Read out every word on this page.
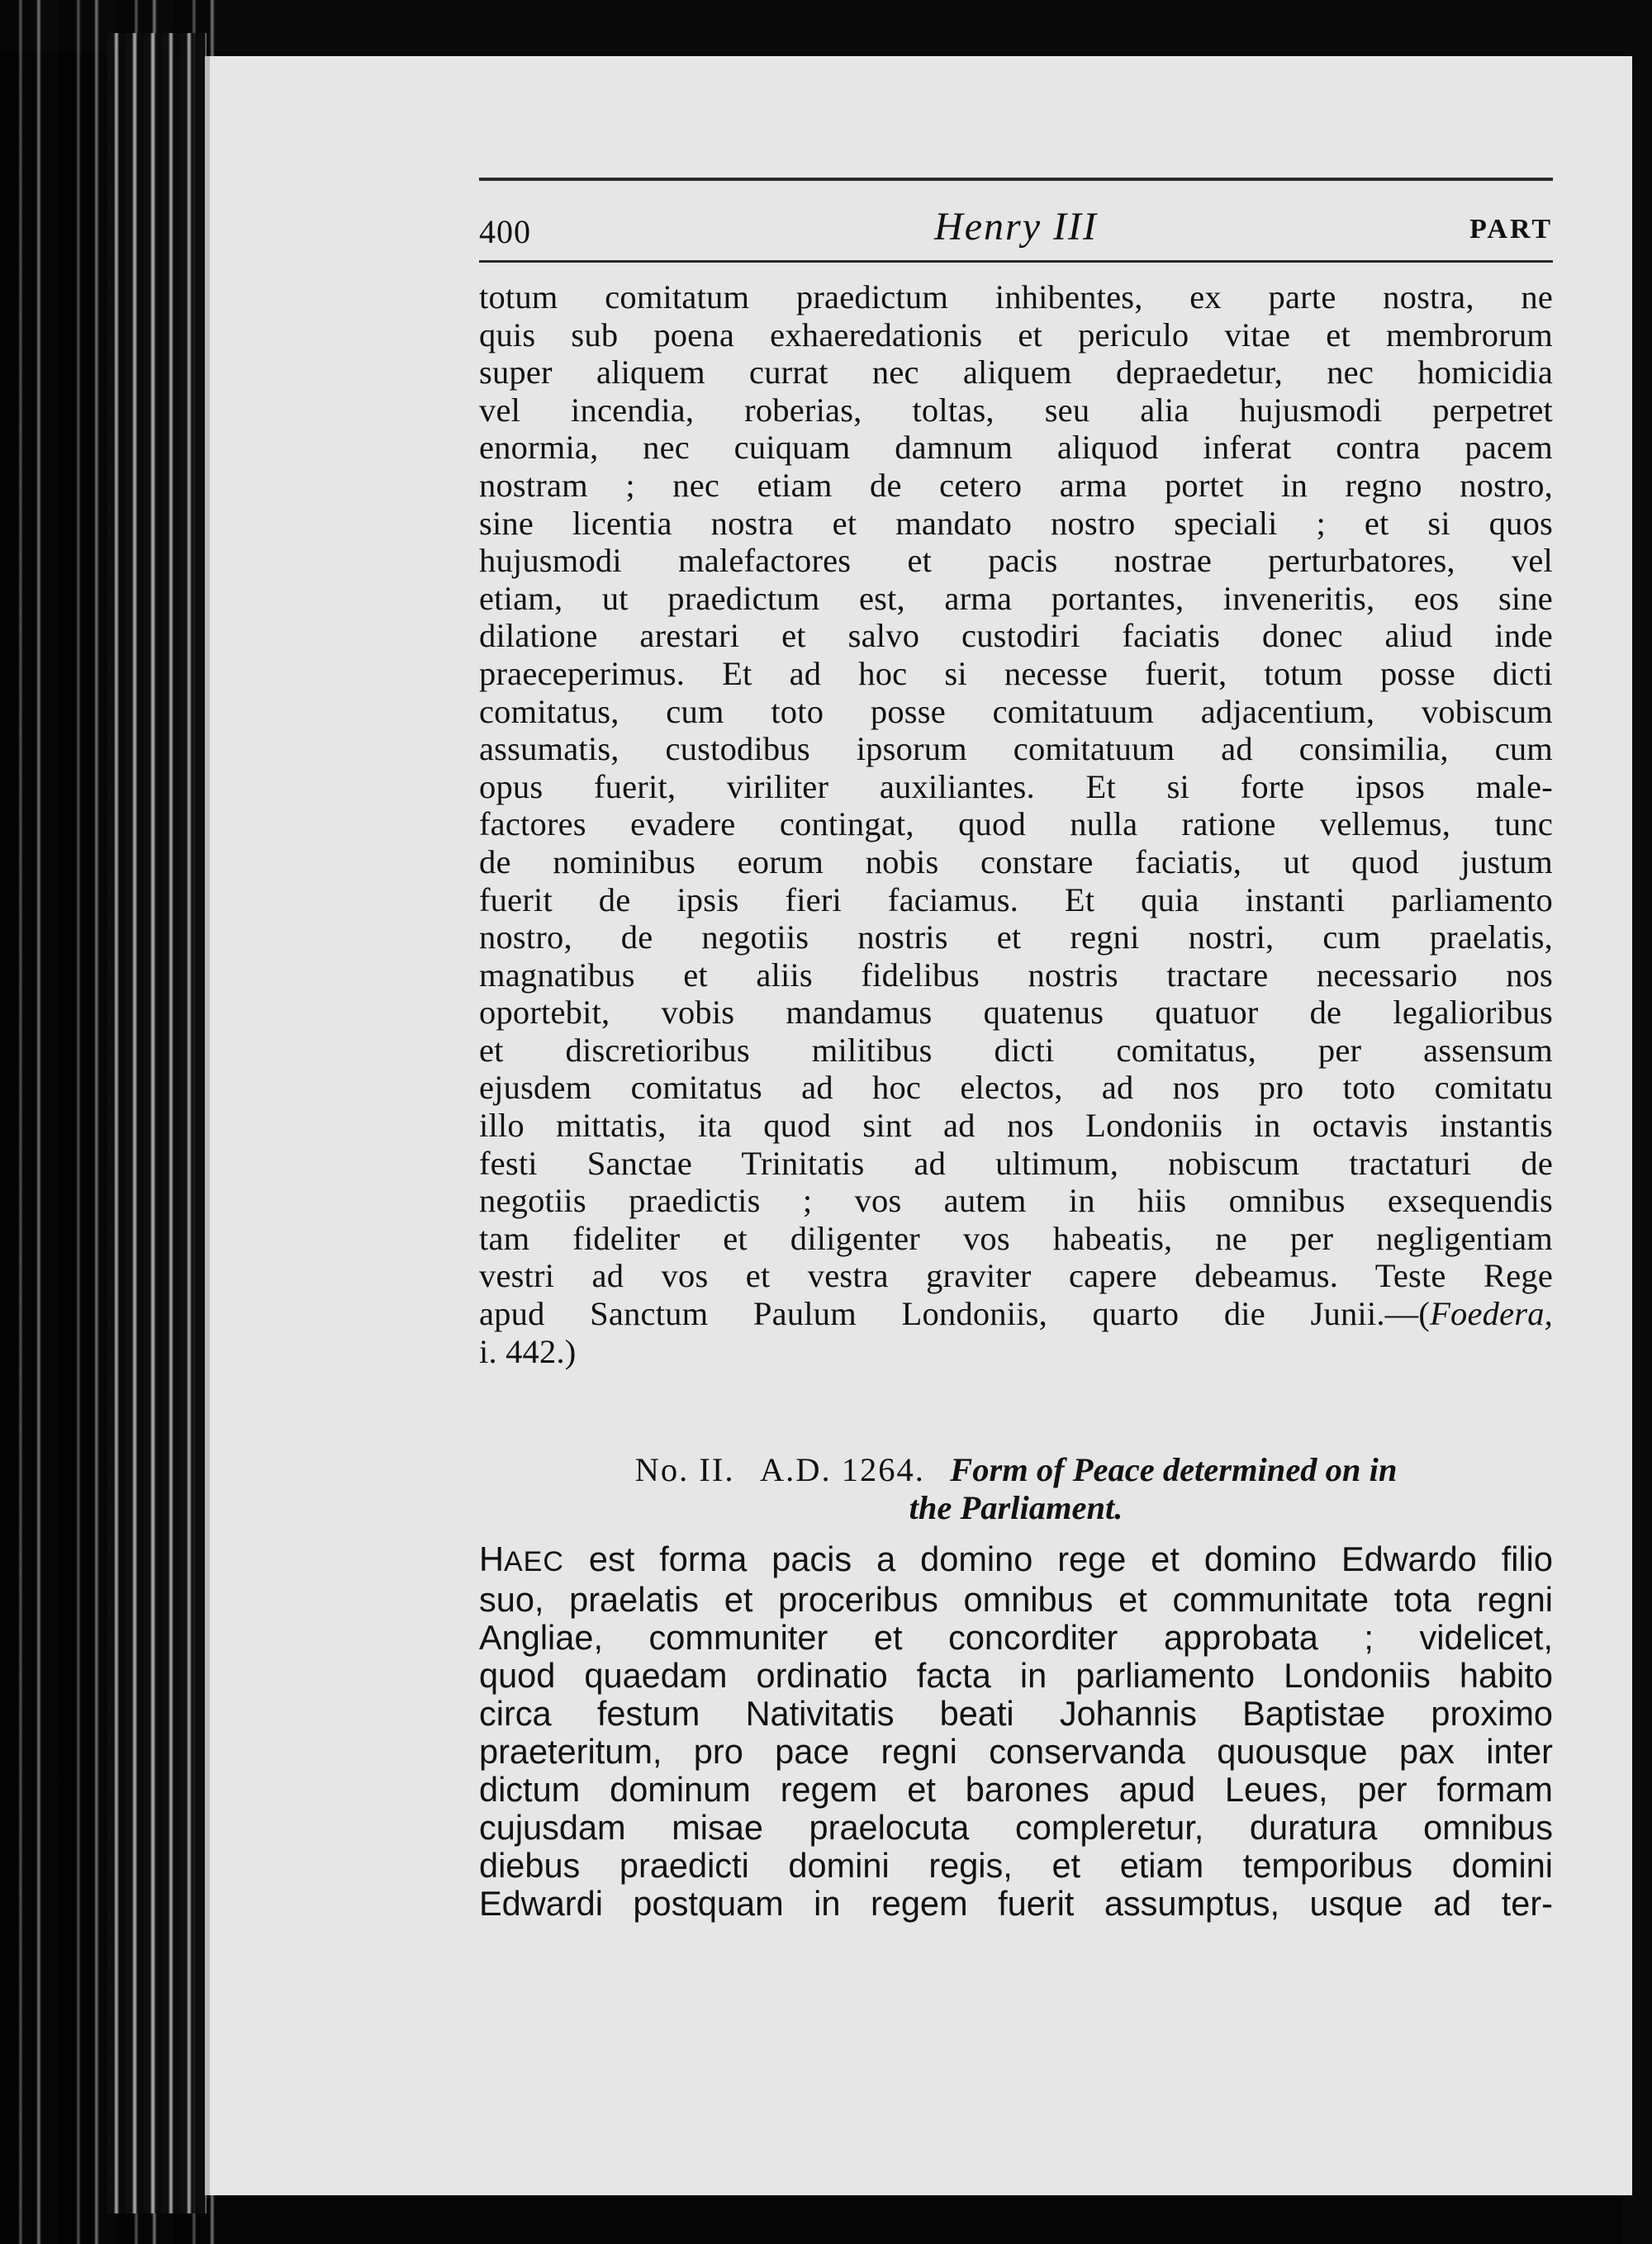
400	Henry III	PART

totum comitatum praedictum inhibentes, ex parte nostra, ne
quis sub poena exhaeredationis et periculo vitae et membrorum
super aliquem currat nec aliquem depraedetur, nec homicidia
vel incendia, roberias, toltas, seu alia hujusmodi perpetret
enormia, nec cuiquam damnum aliquod inferat contra pacem
nostram ; nec etiam de cetero arma portet in regno nostro,
sine licentia nostra et mandato nostro speciali ; et si quos
hujusmodi malefactores et pacis nostrae perturbatores, vel
etiam, ut praedictum est, arma portantes, inveneritis, eos sine
dilatione arestari et salvo custodiri faciatis donec aliud inde
praeceperimus. Et ad hoc si necesse fuerit, totum posse dicti
comitatus, cum toto posse comitatuum adjacentium, vobiscum
assumatis, custodibus ipsorum comitatuum ad consimilia, cum
opus fuerit, viriliter auxiliantes. Et si forte ipsos male-
factores evadere contingat, quod nulla ratione vellemus, tunc
de nominibus eorum nobis constare faciatis, ut quod justum
fuerit de ipsis fieri faciamus. Et quia instanti parliamento
nostro, de negotiis nostris et regni nostri, cum praelatis,
magnatibus et aliis fidelibus nostris tractare necessario nos
oportebit, vobis mandamus quatenus quatuor de legalioribus
et discretioribus militibus dicti comitatus, per assensum
ejusdem comitatus ad hoc electos, ad nos pro toto comitatu
illo mittatis, ita quod sint ad nos Londoniis in octavis instantis
festi Sanctae Trinitatis ad ultimum, nobiscum tractaturi de
negotiis praedictis ; vos autem in hiis omnibus exsequendis
tam fideliter et diligenter vos habeatis, ne per negligentiam
vestri ad vos et vestra graviter capere debeamus. Teste Rege
apud Sanctum Paulum Londoniis, quarto die Junii.—(Foedera,
i. 442.)

No. II. A.D. 1264. Form of Peace determined on in
the Parliament.
HAEC est forma pacis a domino rege et domino Edwardo filio
suo, praelatis et proceribus omnibus et communitate tota regni
Angliae, communiter et concorditer approbata ; videlicet,
quod quaedam ordinatio facta in parliamento Londoniis habito
circa festum Nativitatis beati Johannis Baptistae proximo
praeteritum, pro pace regni conservanda quousque pax inter
dictum dominum regem et barones apud Leues, per formam
cujusdam misae praelocuta compleretur, duratura omnibus
diebus praedicti domini regis, et etiam temporibus domini
Edwardi postquam in regem fuerit assumptus, usque ad ter-
